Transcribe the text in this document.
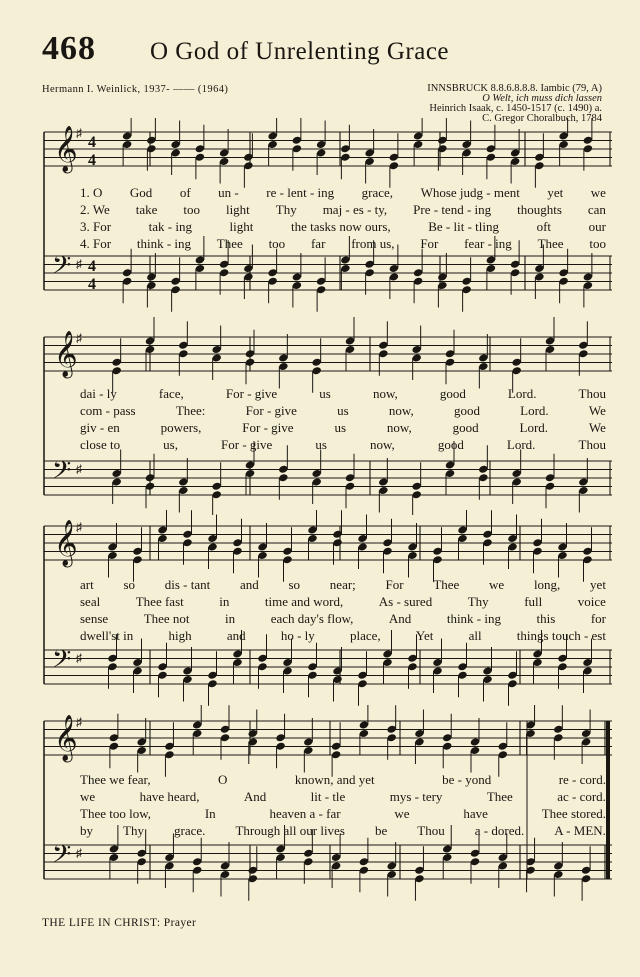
468 O God of Unrelenting Grace
Hermann I. Weinlick, 1937- —— (1964)	INNSBRUCK 8.8.6.8.8.8. Iambic (79, A)
O Welt, ich muss dich lassen
Heinrich Isaak, c. 1450-1517 (c. 1490) a.
C. Gregor Choralbuch, 1784
𝄞
♯
4
4
𝄢 ♯ 4
4
1. O God of un - re - lent - ing grace, Whose judg - ment yet we
2. We take too light Thy maj - es - ty, Pre - tend - ing thoughts can
3. For	tak - ing	light	the tasks now ours,	Be - lit - tling	oft	our
4. For think - ing Thee too far from us, For fear - ing Thee too
𝄞
♯
𝄢 ♯
dai - ly	face,	For - give	us	now,	good	Lord.	Thou
com - pass	Thee:	For - give	us	now,	good	Lord.	We
giv - en	powers,	For - give	us	now,	good	Lord.	We
close to	us,	For - give	us	now,	good	Lord.	Thou
𝄞
♯
𝄢 ♯
art so dis - tant and so near; For Thee we long, yet
seal	Thee fast	in	time and word,	As - sured	Thy	full	voice
sense	Thee not	in	each day's flow,	And	think - ing	this	for
dwell'st in	high	and	ho - ly	place,	Yet	all	things touch - est
𝄞
♯
𝄢 ♯
Thee we fear,	O	known, and yet	be - yond	re - cord.
we	have heard,	And	lit - tle	mys - tery	Thee	ac - cord.
Thee too low,	In	heaven a - far	we	have	Thee stored.
by Thy grace. Through all our lives be Thou a - dored. A - MEN.
THE LIFE IN CHRIST: Prayer
